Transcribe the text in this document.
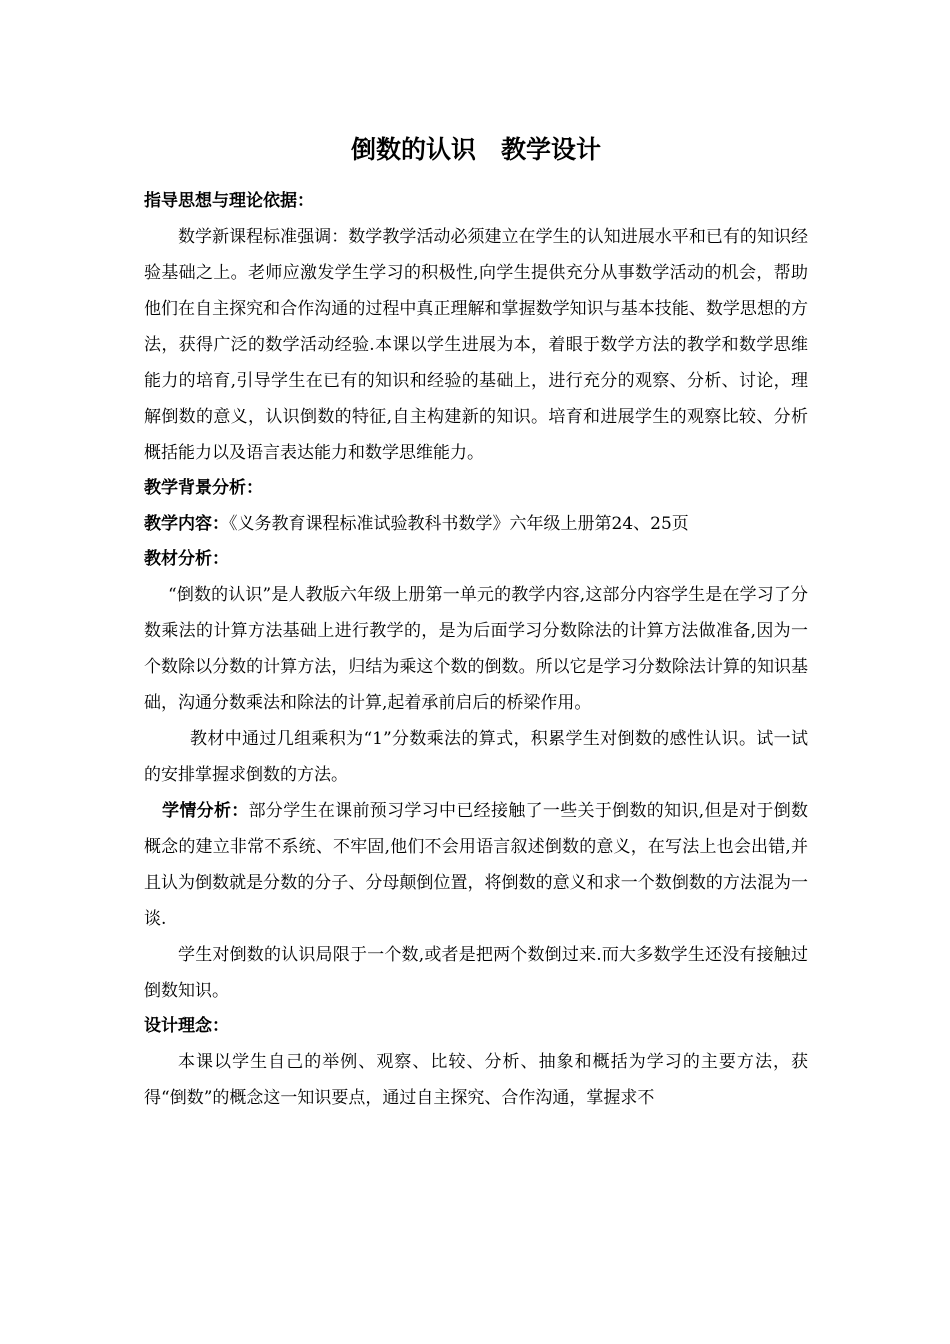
倒数的认识　教学设计

指导思想与理论依据：

数学新课程标准强调：数学教学活动必须建立在学生的认知进展水平和已有的知识经验基础之上。老师应激发学生学习的积极性,向学生提供充分从事数学活动的机会，帮助他们在自主探究和合作沟通的过程中真正理解和掌握数学知识与基本技能、数学思想的方法，获得广泛的数学活动经验.本课以学生进展为本，着眼于数学方法的教学和数学思维能力的培育,引导学生在已有的知识和经验的基础上，进行充分的观察、分析、讨论，理解倒数的意义，认识倒数的特征,自主构建新的知识。培育和进展学生的观察比较、分析概括能力以及语言表达能力和数学思维能力。

教学背景分析：

教学内容：《义务教育课程标准试验教科书数学》六年级上册第24、25页

教材分析：

“倒数的认识”是人教版六年级上册第一单元的教学内容,这部分内容学生是在学习了分数乘法的计算方法基础上进行教学的，是为后面学习分数除法的计算方法做准备,因为一个数除以分数的计算方法，归结为乘这个数的倒数。所以它是学习分数除法计算的知识基础，沟通分数乘法和除法的计算,起着承前启后的桥梁作用。

教材中通过几组乘积为“1”分数乘法的算式，积累学生对倒数的感性认识。试一试的安排掌握求倒数的方法。

学情分析：部分学生在课前预习学习中已经接触了一些关于倒数的知识,但是对于倒数概念的建立非常不系统、不牢固,他们不会用语言叙述倒数的意义，在写法上也会出错,并且认为倒数就是分数的分子、分母颠倒位置，将倒数的意义和求一个数倒数的方法混为一谈.

学生对倒数的认识局限于一个数,或者是把两个数倒过来.而大多数学生还没有接触过倒数知识。

设计理念：

本课以学生自己的举例、观察、比较、分析、抽象和概括为学习的主要方法，获得“倒数”的概念这一知识要点，通过自主探究、合作沟通，掌握求不
